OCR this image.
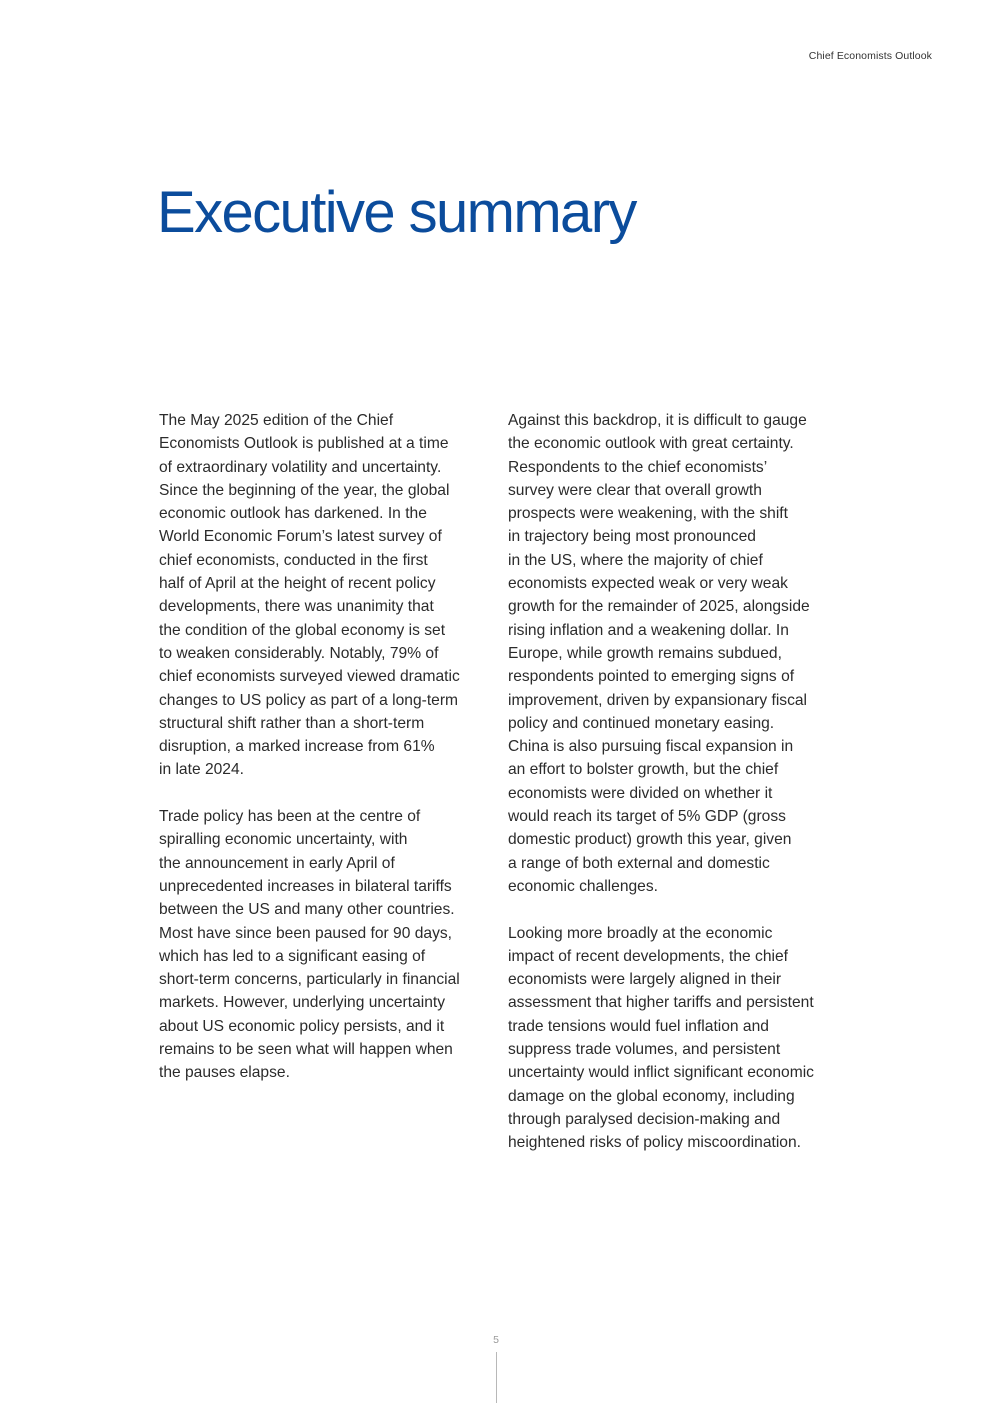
Chief Economists Outlook
Executive summary

The May 2025 edition of the Chief
Economists Outlook is published at a time
of extraordinary volatility and uncertainty.
Since the beginning of the year, the global
economic outlook has darkened. In the
World Economic Forum’s latest survey of
chief economists, conducted in the first
half of April at the height of recent policy
developments, there was unanimity that
the condition of the global economy is set
to weaken considerably. Notably, 79% of
chief economists surveyed viewed dramatic
changes to US policy as part of a long-term
structural shift rather than a short-term
disruption, a marked increase from 61%
in late 2024.

Trade policy has been at the centre of
spiralling economic uncertainty, with
the announcement in early April of
unprecedented increases in bilateral tariffs
between the US and many other countries.
Most have since been paused for 90 days,
which has led to a significant easing of
short-term concerns, particularly in financial
markets. However, underlying uncertainty
about US economic policy persists, and it
remains to be seen what will happen when
the pauses elapse.

Against this backdrop, it is difficult to gauge
the economic outlook with great certainty.
Respondents to the chief economists’
survey were clear that overall growth
prospects were weakening, with the shift
in trajectory being most pronounced
in the US, where the majority of chief
economists expected weak or very weak
growth for the remainder of 2025, alongside
rising inflation and a weakening dollar. In
Europe, while growth remains subdued,
respondents pointed to emerging signs of
improvement, driven by expansionary fiscal
policy and continued monetary easing.
China is also pursuing fiscal expansion in
an effort to bolster growth, but the chief
economists were divided on whether it
would reach its target of 5% GDP (gross
domestic product) growth this year, given
a range of both external and domestic
economic challenges.

Looking more broadly at the economic
impact of recent developments, the chief
economists were largely aligned in their
assessment that higher tariffs and persistent
trade tensions would fuel inflation and
suppress trade volumes, and persistent
uncertainty would inflict significant economic
damage on the global economy, including
through paralysed decision-making and
heightened risks of policy miscoordination.

5
